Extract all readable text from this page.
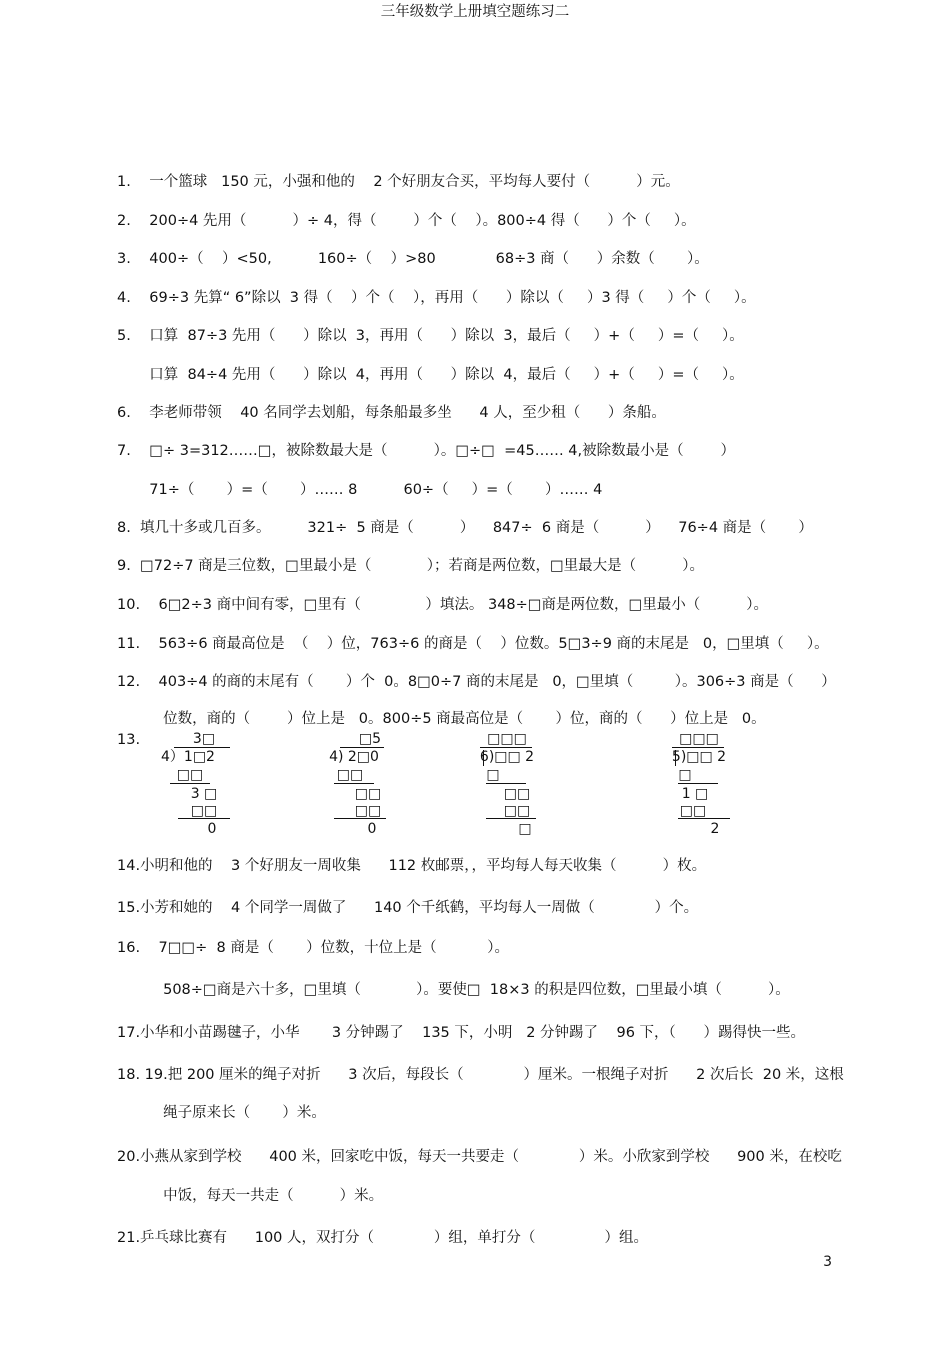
三年级数学上册填空题练习二
1.    一个篮球   150 元，小强和他的    2 个好朋友合买，平均每人要付（          ）元。
2.    200÷4 先用（          ）÷ 4，得（        ）个（    ）。800÷4 得（      ）个（     ）。
3.    400÷（    ）<50,          160÷（    ）>80             68÷3 商（      ）余数（       ）。
4.    69÷3 先算“ 6”除以  3 得（    ）个（    ），再用（      ）除以（     ）3 得（     ）个（     ）。
5.    口算  87÷3 先用（      ）除以  3，再用（      ）除以  3，最后（     ）+（     ）=（     ）。
口算  84÷4 先用（      ）除以  4，再用（      ）除以  4，最后（     ）+（     ）=（     ）。
6.    李老师带领    40 名同学去划船，每条船最多坐      4 人，至少租（      ）条船。
7.    □÷ 3=312……□，被除数最大是（          ）。□÷□  =45…… 4,被除数最小是（        ）
71÷（       ）=（       ）…… 8          60÷（     ）=（       ）…… 4
8.  填几十多或几百多。        321÷  5 商是（          ）    847÷  6 商是（          ）    76÷4 商是（       ）
9.  □72÷7 商是三位数，□里最小是（            ）；若商是两位数，□里最大是（          ）。
10.    6□2÷3 商中间有零，□里有（              ）填法。 348÷□商是两位数，□里最小（          ）。
11.    563÷6 商最高位是  （    ）位，763÷6 的商是（    ）位数。5□3÷9 商的末尾是   0，□里填（     ）。
12.    403÷4 的商的末尾有（       ）个  0。8□0÷7 商的末尾是   0，□里填（         ）。306÷3 商是（      ）
位数，商的（        ）位上是   0。800÷5 商最高位是（       ）位，商的（      ）位上是   0。
14.小明和他的    3 个好朋友一周收集      112 枚邮票，，平均每人每天收集（          ）枚。
15.小芳和她的    4 个同学一周做了      140 个千纸鹤，平均每人一周做（             ）个。
16.    7□□÷  8 商是（       ）位数，十位上是（           ）。
508÷□商是六十多，□里填（            ）。要使□  18×3 的积是四位数，□里最小填（          ）。
17.小华和小苗踢毽子，小华       3 分钟踢了    135 下，小明   2 分钟踢了    96 下，（      ）踢得快一些。
18. 19.把 200 厘米的绳子对折      3 次后，每段长（             ）厘米。一根绳子对折      2 次后长  20 米，这根
绳子原来长（       ）米。
20.小燕从家到学校      400 米，回家吃中饭，每天一共要走（             ）米。小欣家到学校      900 米，在校吃
中饭，每天一共走（          ）米。
21.乒乓球比赛有      100 人，双打分（             ）组，单打分（               ）组。
13.	3□
4）1□2
□□
3 □
□□
0
□5
4) 2□0
□□
□□
□□
0
□□□
6)□□ 2
□
□□
□□
□
□□□
5)□□ 2
□
1 □
□□
2
3
